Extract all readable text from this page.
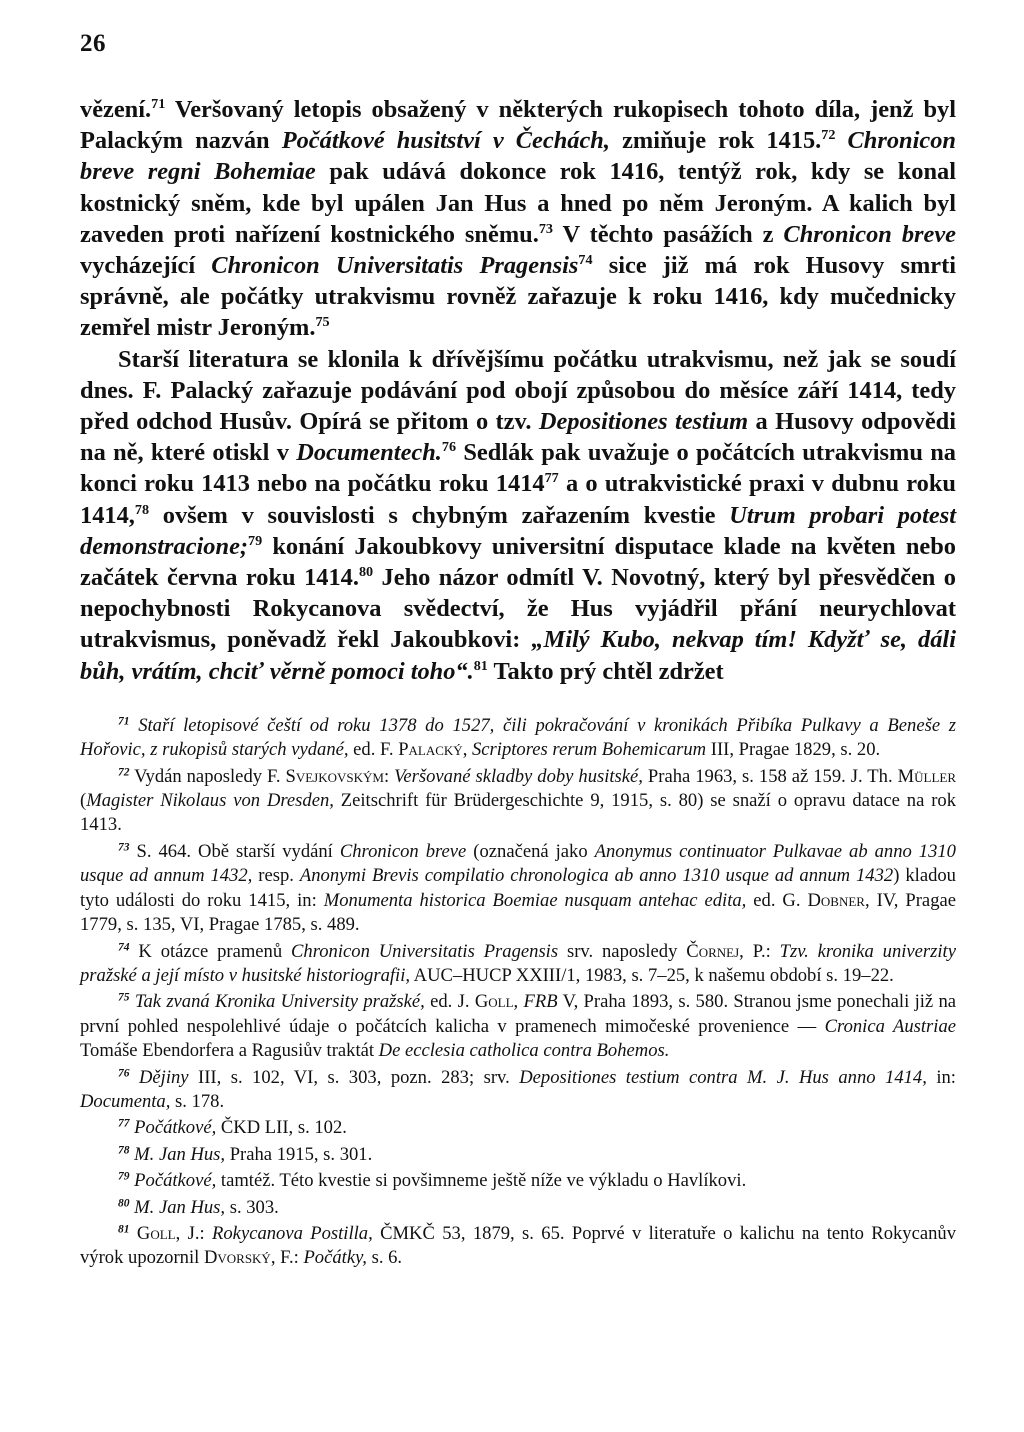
26

vězení.$^{71}$ Veršovaný letopis obsažený v některých rukopisech tohoto díla, jenž byl Palackým nazván Počátkové husitství v Čechách, zmiňuje rok 1415.72 Chronicon breve regni Bohemiae pak udává dokonce rok 1416, tentýž rok, kdy se konal kostnický sněm, kde byl upálen Jan Hus a hned po něm Jeroným. A kalich byl zaveden proti nařízení kostnického sněmu.$^{73}$ V těchto pasážích z Chronicon breve vycházející Chronicon Universitatis Pragensis$^{74}$ sice již má rok Husovy smrti správně, ale počátky utrakvismu rovněž zařazuje k roku 1416, kdy mučednicky zemřel mistr Jeroným.$^{75}$

Starší literatura se klonila k dřívějšímu počátku utrakvismu, než jak se soudí dnes. F. Palacký zařazuje podávání pod obojí způsobou do měsíce září 1414, tedy před odchod Husův. Opírá se přitom o tzv. Depositiones testium a Husovy odpovědi na ně, které otiskl v Documentech.$^{76}$ Sedlák pak uvažuje o počátcích utrakvismu na konci roku 1413 nebo na počátku roku 1414$^{77}$ a o utrakvistické praxi v dubnu roku 1414,78 ovšem v souvislosti s chybným zařazením kvestie Utrum probari potest demonstracione;$^{79}$ konání Jakoubkovy universitní disputace klade na květen nebo začátek června roku 1414.80 Jeho názor odmítl V. Novotný, který byl přesvědčen o nepochybnosti Rokycanova svědectví, že Hus vyjádřil přání neurychlovat utrakvismus, poněvadž řekl Jakoubkovi: „Milý Kubo, nekvap tím! Kdyžť se, dáli bůh, vrátím, chciť věrně pomoci toho“.$^{81}$ Takto prý chtěl zdržet

$^{71}$ Staří letopisové čeští od roku 1378 do 1527, čili pokračování v kronikách Přibíka Pulkavy a Beneše z Hořovic, z rukopisů starých vydané, ed. F. Palacký, Scriptores rerum Bohemicarum III, Pragae 1829, s. 20.

$^{72}$ Vydán naposledy F. Svejkovským: Veršované skladby doby husitské, Praha 1963, s. 158 až 159. J. Th. Müller (Magister Nikolaus von Dresden, Zeitschrift für Brüdergeschichte 9, 1915, s. 80) se snaží o opravu datace na rok 1413.

$^{73}$ S. 464. Obě starší vydání Chronicon breve (označená jako Anonymus continuator Pulkavae ab anno 1310 usque ad annum 1432, resp. Anonymi Brevis compilatio chronologica ab anno 1310 usque ad annum 1432) kladou tyto události do roku 1415, in: Monumenta historica Boemiae nusquam antehac edita, ed. G. Dobner, IV, Pragae 1779, s. 135, VI, Pragae 1785, s. 489.

$^{74}$ K otázce pramenů Chronicon Universitatis Pragensis srv. naposledy Čornej, P.: Tzv. kronika univerzity pražské a její místo v husitské historiografii, AUC–HUCP XXIII/1, 1983, s. 7–25, k našemu období s. 19–22.

$^{75}$ Tak zvaná Kronika University pražské, ed. J. Goll, FRB V, Praha 1893, s. 580. Stranou jsme ponechali již na první pohled nespolehlivé údaje o počátcích kalicha v pramenech mimočeské provenience — Cronica Austriae Tomáše Ebendorfera a Ragusiův traktát De ecclesia catholica contra Bohemos.

$^{76}$ Dějiny III, s. 102, VI, s. 303, pozn. 283; srv. Depositiones testium contra M. J. Hus anno 1414, in: Documenta, s. 178.

$^{77}$ Počátkové, ČKD LII, s. 102.

$^{78}$ M. Jan Hus, Praha 1915, s. 301.

$^{79}$ Počátkové, tamtéž. Této kvestie si povšimneme ještě níže ve výkladu o Havlíkovi.

$^{80}$ M. Jan Hus, s. 303.

$^{81}$ Goll, J.: Rokycanova Postilla, ČMKČ 53, 1879, s. 65. Poprvé v literatuře o kalichu na tento Rokycanův výrok upozornil Dvorský, F.: Počátky, s. 6.
